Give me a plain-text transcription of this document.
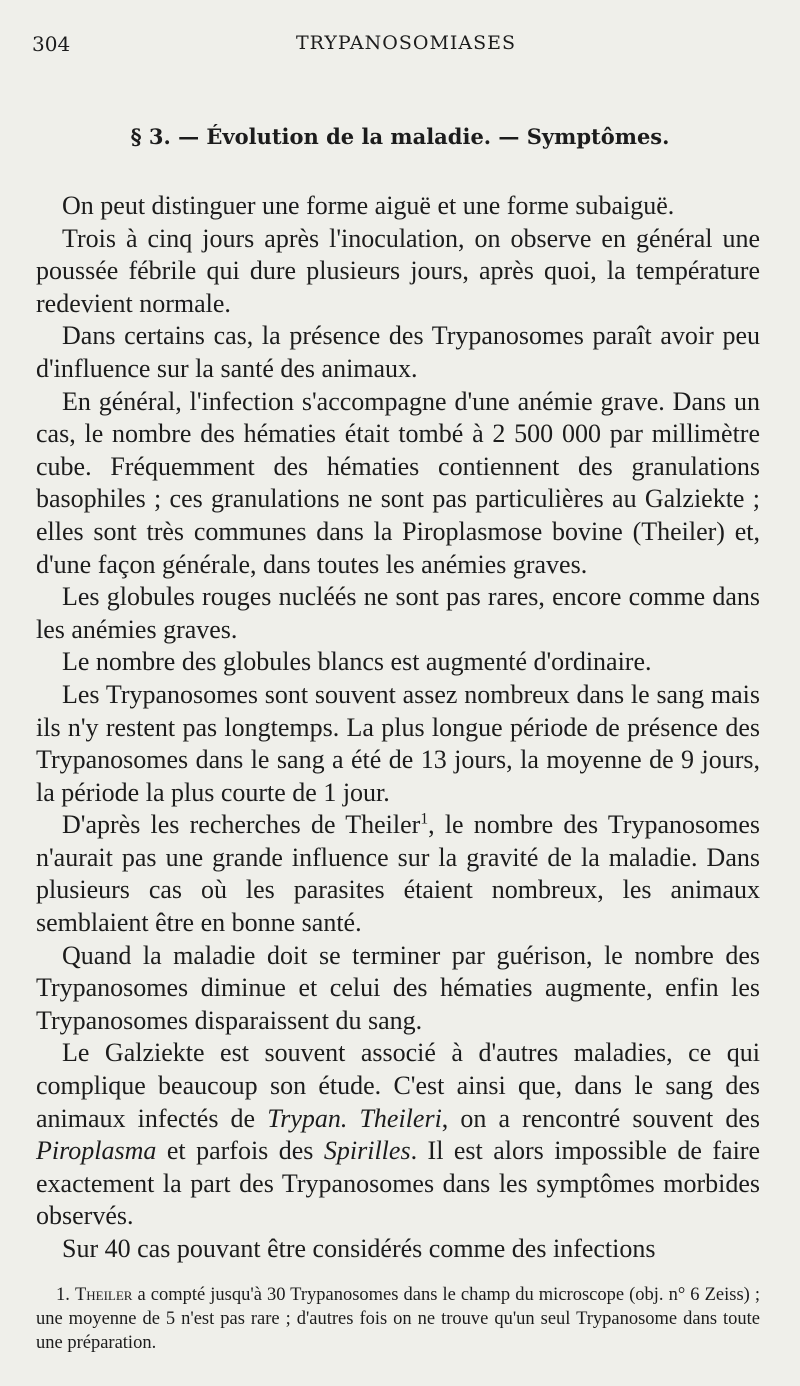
304	TRYPANOSOMIASES
§ 3. — Évolution de la maladie. — Symptômes.

On peut distinguer une forme aiguë et une forme subaiguë.

Trois à cinq jours après l'inoculation, on observe en général une poussée fébrile qui dure plusieurs jours, après quoi, la température redevient normale.

Dans certains cas, la présence des Trypanosomes paraît avoir peu d'influence sur la santé des animaux.

En général, l'infection s'accompagne d'une anémie grave. Dans un cas, le nombre des hématies était tombé à 2 500 000 par millimètre cube. Fréquemment des hématies contiennent des granulations basophiles ; ces granulations ne sont pas particulières au Galziekte ; elles sont très communes dans la Piroplasmose bovine (Theiler) et, d'une façon générale, dans toutes les anémies graves.

Les globules rouges nucléés ne sont pas rares, encore comme dans les anémies graves.

Le nombre des globules blancs est augmenté d'ordinaire.

Les Trypanosomes sont souvent assez nombreux dans le sang mais ils n'y restent pas longtemps. La plus longue période de présence des Trypanosomes dans le sang a été de 13 jours, la moyenne de 9 jours, la période la plus courte de 1 jour.

D'après les recherches de Theiler$^1$, le nombre des Trypanosomes n'aurait pas une grande influence sur la gravité de la maladie. Dans plusieurs cas où les parasites étaient nombreux, les animaux semblaient être en bonne santé.

Quand la maladie doit se terminer par guérison, le nombre des Trypanosomes diminue et celui des hématies augmente, enfin les Trypanosomes disparaissent du sang.

Le Galziekte est souvent associé à d'autres maladies, ce qui complique beaucoup son étude. C'est ainsi que, dans le sang des animaux infectés de Trypan. Theileri, on a rencontré souvent des Piroplasma et parfois des Spirilles. Il est alors impossible de faire exactement la part des Trypanosomes dans les symptômes morbides observés.

Sur 40 cas pouvant être considérés comme des infections

1. Theiler a compté jusqu'à 30 Trypanosomes dans le champ du microscope (obj. n° 6 Zeiss) ; une moyenne de 5 n'est pas rare ; d'autres fois on ne trouve qu'un seul Trypanosome dans toute une préparation.
